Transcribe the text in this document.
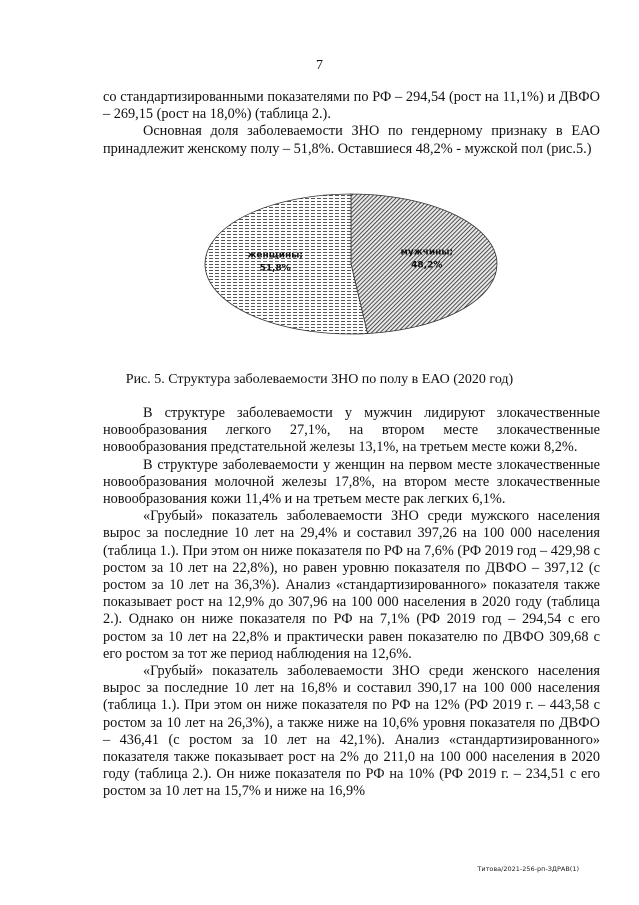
7

со стандартизированными показателями по РФ – 294,54 (рост на 11,1%) и ДВФО – 269,15 (рост на 18,0%) (таблица 2.).

Основная доля заболеваемости ЗНО по гендерному признаку в ЕАО принадлежит женскому полу – 51,8%. Оставшиеся 48,2% - мужской пол (рис.5.)

мужчины; 48,2%
женщины; 51,8%
Рис. 5. Структура заболеваемости ЗНО по полу в ЕАО (2020 год)

В структуре заболеваемости у мужчин лидируют злокачественные новообразования легкого 27,1%, на втором месте злокачественные новообразования предстательной железы 13,1%, на третьем месте кожи 8,2%.

В структуре заболеваемости у женщин на первом месте злокачественные новообразования молочной железы 17,8%, на втором месте злокачественные новообразования кожи 11,4% и на третьем месте рак легких 6,1%.

«Грубый» показатель заболеваемости ЗНО среди мужского населения вырос за последние 10 лет на 29,4% и составил 397,26 на 100 000 населения (таблица 1.). При этом он ниже показателя по РФ на 7,6% (РФ 2019 год – 429,98 с ростом за 10 лет на 22,8%), но равен уровню показателя по ДВФО – 397,12 (с ростом за 10 лет на 36,3%). Анализ «стандартизированного» показателя также показывает рост на 12,9% до 307,96 на 100 000 населения в 2020 году (таблица 2.). Однако он ниже показателя по РФ на 7,1% (РФ 2019 год – 294,54 с его ростом за 10 лет на 22,8% и практически равен показателю по ДВФО 309,68 с его ростом за тот же период наблюдения на 12,6%.

«Грубый» показатель заболеваемости ЗНО среди женского населения вырос за последние 10 лет на 16,8% и составил 390,17 на 100 000 населения (таблица 1.). При этом он ниже показателя по РФ на 12% (РФ 2019 г. – 443,58 с ростом за 10 лет на 26,3%), а также ниже на 10,6% уровня показателя по ДВФО – 436,41 (с ростом за 10 лет на 42,1%). Анализ «стандартизированного» показателя также показывает рост на 2% до 211,0 на 100 000 населения в 2020 году (таблица 2.). Он ниже показателя по РФ на 10% (РФ 2019 г. – 234,51 с его ростом за 10 лет на 15,7% и ниже на 16,9%

Титова/2021-256-рп-ЗДРАВ(1)
